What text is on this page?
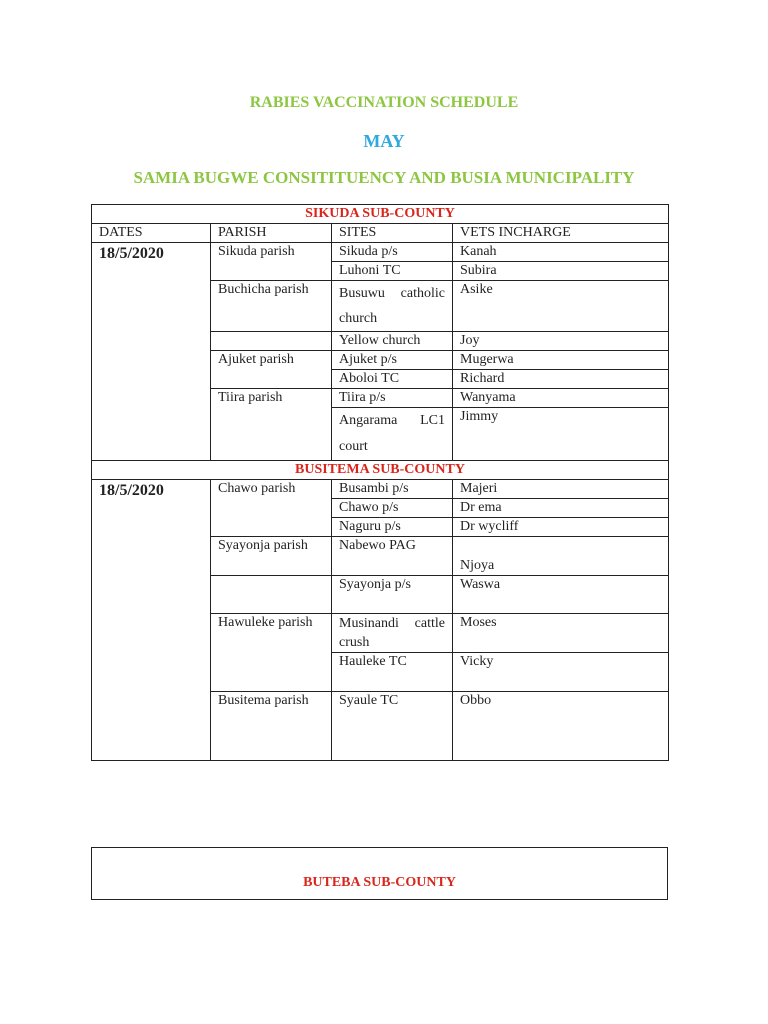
RABIES VACCINATION SCHEDULE
MAY
SAMIA BUGWE CONSITITUENCY AND BUSIA MUNICIPALITY
SIKUDA SUB-COUNTY			
DATES	PARISH	SITES	VETS INCHARGE
18/5/2020	Sikuda parish	Sikuda p/s	Kanah
		Luhoni TC	Subira
	Buchicha parish	Busuwu catholic church	Asike
		Yellow church	Joy
	Ajuket parish	Ajuket p/s	Mugerwa
		Aboloi TC	Richard
	Tiira parish	Tiira p/s	Wanyama

		Angarama LC1 court	Jimmy
BUSITEMA SUB-COUNTY			
18/5/2020	Chawo parish	Busambi p/s	Majeri
		Chawo p/s	Dr ema
		Naguru p/s	Dr wycliff
	Syayonja parish	Nabewo PAG	Njoya
		Syayonja p/s	Waswa
	Hawuleke parish	Musinandi cattle crush	Moses
		Hauleke TC	Vicky
	Busitema parish	Syaule TC	Obbo
BUTEBA SUB-COUNTY
